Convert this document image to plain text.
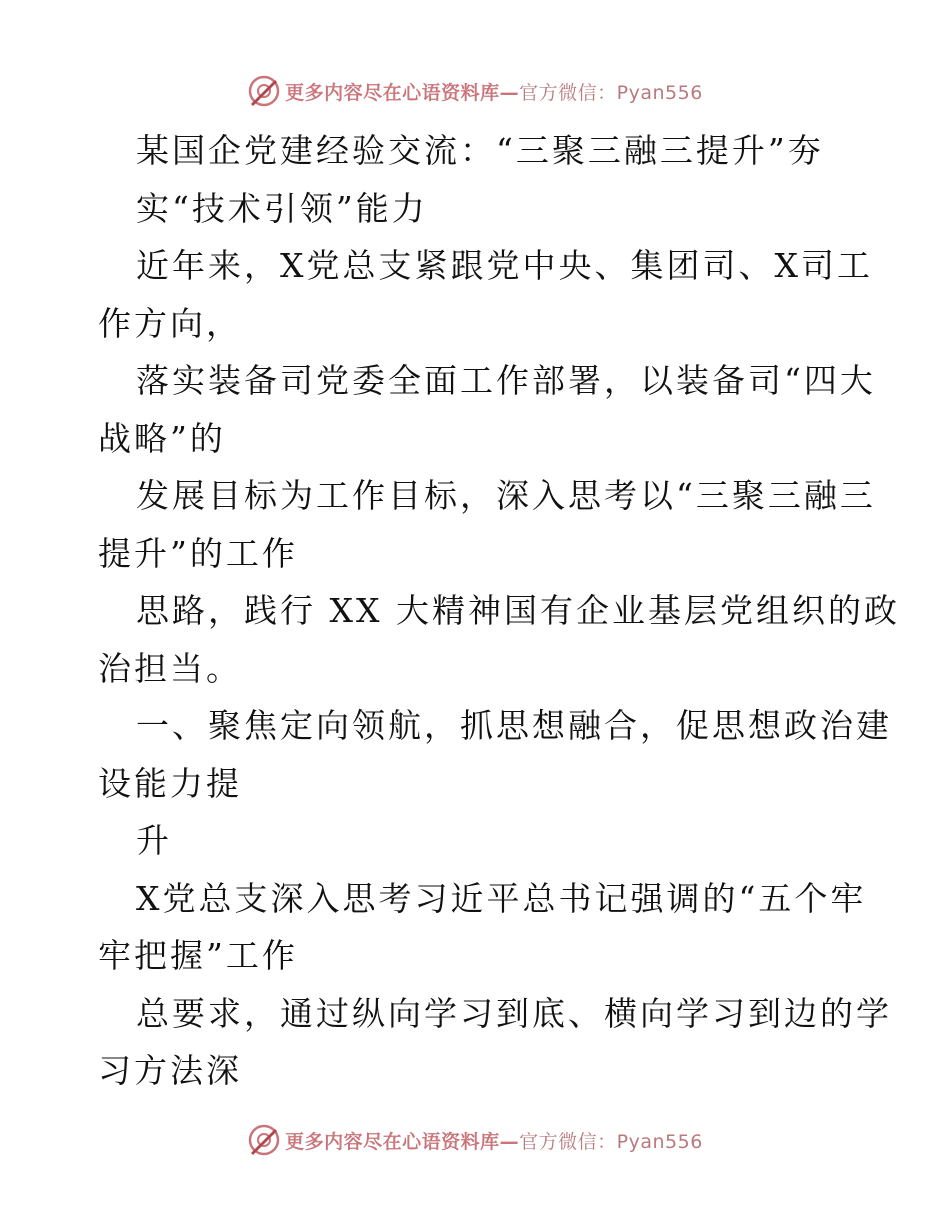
更多内容尽在心语资料库—官方微信：Pyan556
某国企党建经验交流：“三聚三融三提升”夯
实“技术引领”能力
近年来，X党总支紧跟党中央、集团司、X司工
作方向，
落实装备司党委全面工作部署，以装备司“四大
战略”的
发展目标为工作目标，深入思考以“三聚三融三
提升”的工作
思路，践行 XX 大精神国有企业基层党组织的政
治担当。
一、聚焦定向领航，抓思想融合，促思想政治建
设能力提
升
X党总支深入思考习近平总书记强调的“五个牢
牢把握”工作
总要求，通过纵向学习到底、横向学习到边的学
习方法深
更多内容尽在心语资料库—官方微信：Pyan556
